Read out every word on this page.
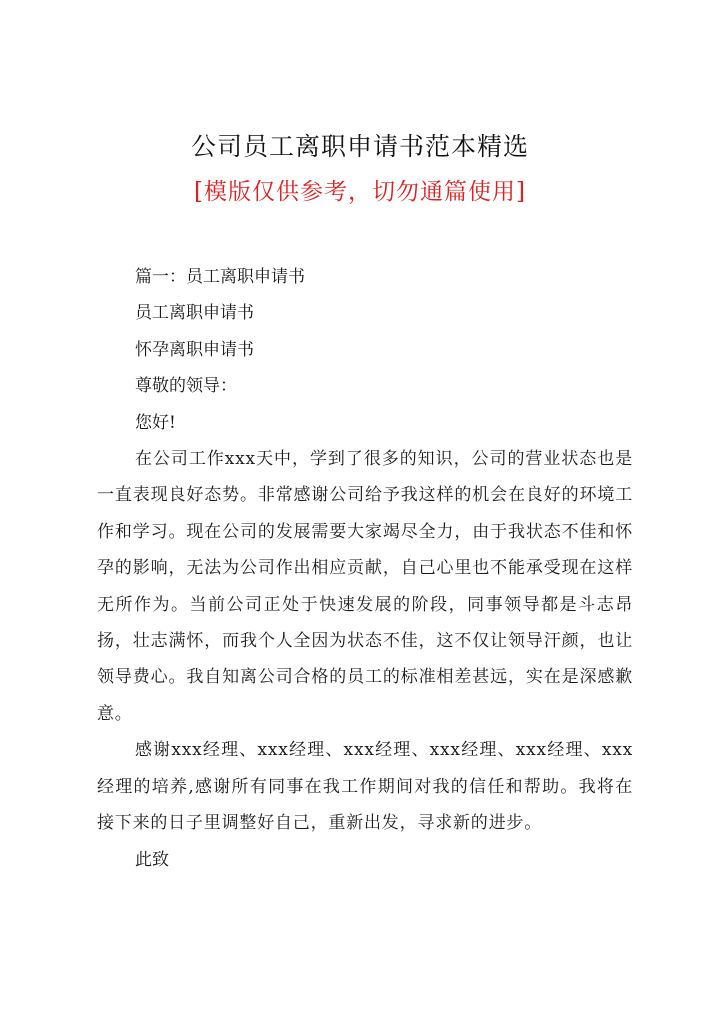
公司员工离职申请书范本精选
[模版仅供参考，切勿通篇使用]
篇一：员工离职申请书
员工离职申请书
怀孕离职申请书
尊敬的领导：
您好!
在公司工作xxx天中，学到了很多的知识，公司的营业状态也是一直表现良好态势。非常感谢公司给予我这样的机会在良好的环境工作和学习。现在公司的发展需要大家竭尽全力，由于我状态不佳和怀孕的影响，无法为公司作出相应贡献，自己心里也不能承受现在这样无所作为。当前公司正处于快速发展的阶段，同事领导都是斗志昂扬，壮志满怀，而我个人全因为状态不佳，这不仅让领导汗颜，也让领导费心。我自知离公司合格的员工的标准相差甚远，实在是深感歉意。
感谢xxx经理、xxx经理、xxx经理、xxx经理、xxx经理、xxx经理的培养,感谢所有同事在我工作期间对我的信任和帮助。我将在接下来的日子里调整好自己，重新出发，寻求新的进步。
此致
